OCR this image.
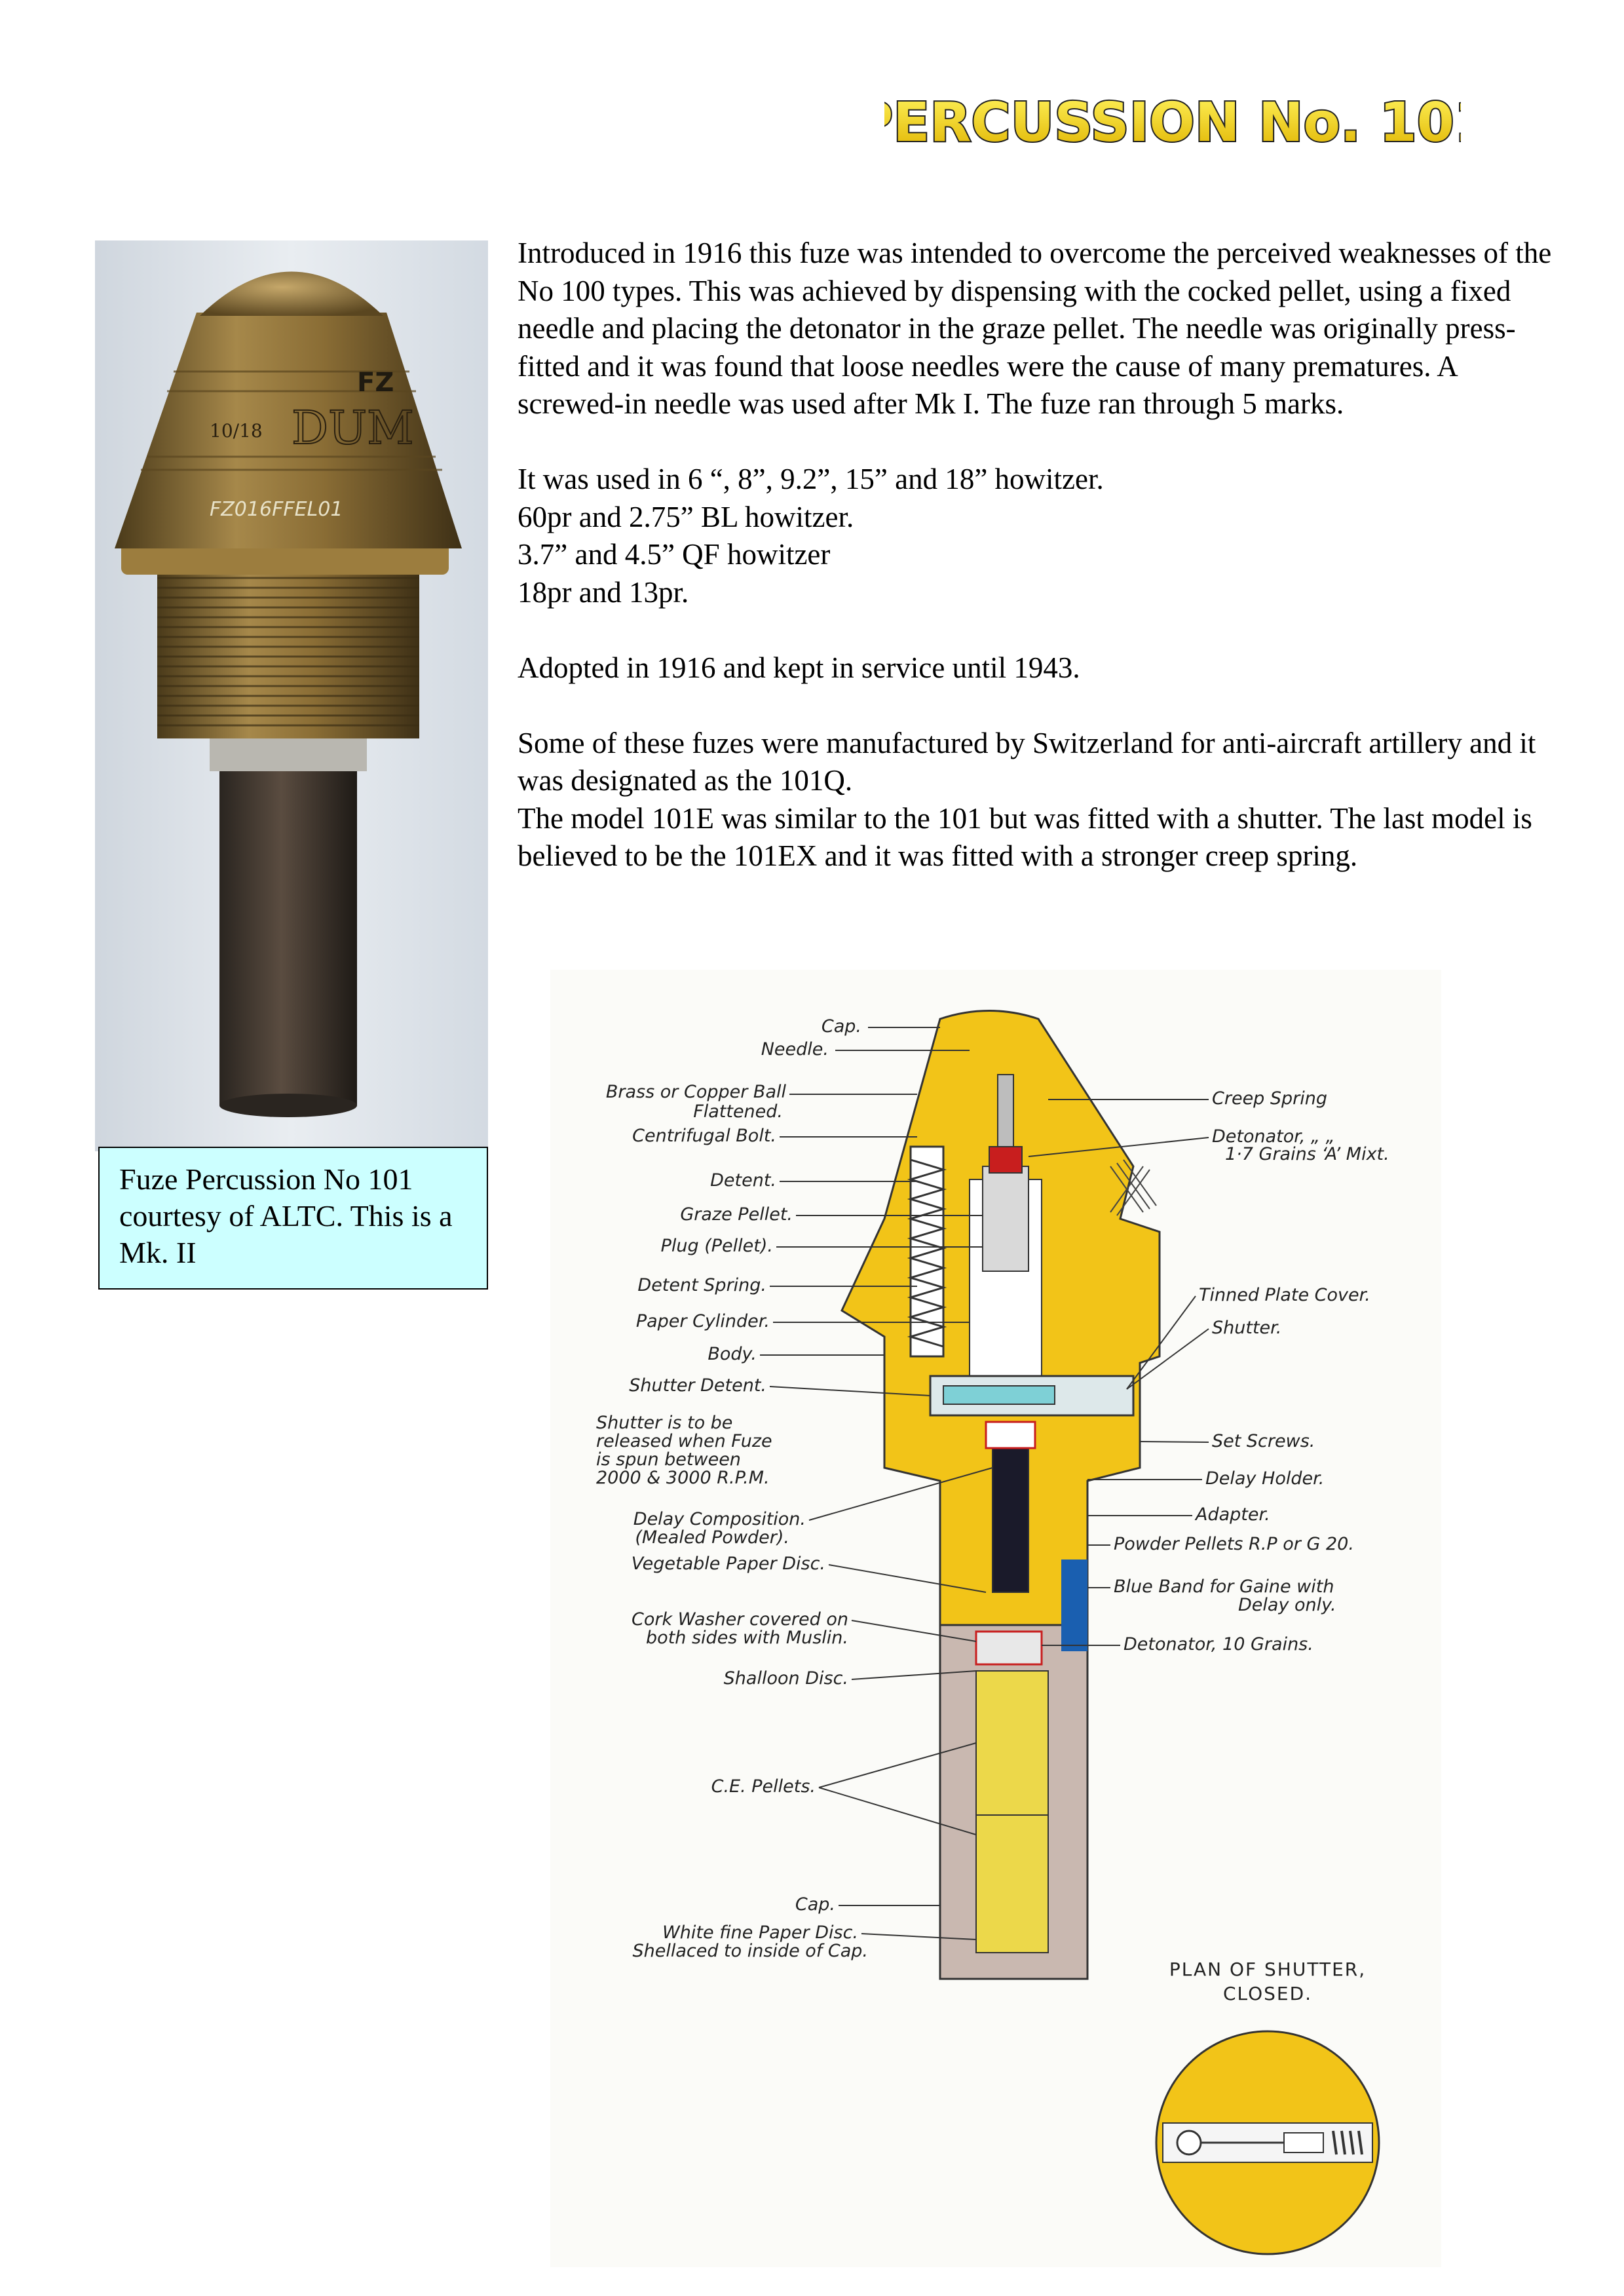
PERCUSSION No. 101
FZ
10/18 DUM
FZ016FFEL01
Fuze Percussion No 101 courtesy of ALTC. This is a Mk. II

Introduced in 1916 this fuze was intended to overcome the perceived weaknesses of the No 100 types. This was achieved by dispensing with the cocked pellet, using a fixed needle and placing the detonator in the graze pellet. The needle was originally press-fitted and it was found that loose needles were the cause of many prematures. A screwed-in needle was used after Mk I. The fuze ran through 5 marks.

It was used in 6 “, 8”, 9.2”, 15” and 18” howitzer.

60pr and 2.75” BL howitzer.

3.7” and 4.5” QF howitzer

18pr and 13pr.

Adopted in 1916 and kept in service until 1943.

Some of these fuzes were manufactured by Switzerland for anti-aircraft artillery and it was designated as the 101Q.

The model 101E was similar to the 101 but was fitted with a shutter. The last model is believed to be the 101EX and it was fitted with a stronger creep spring.

Cap.
Needle.
Brass or Copper Ball
Flattened.
Centrifugal Bolt.
Detent.
Graze Pellet.
Plug (Pellet).
Detent Spring.
Paper Cylinder.
Body.
Shutter Detent.
Shutter is to be
released when Fuze
is spun between
2000 & 3000 R.P.M.
Delay Composition.
(Mealed Powder).
Vegetable Paper Disc.
Cork Washer covered on
both sides with Muslin.
Shalloon Disc.
C.E. Pellets.
Cap.
White fine Paper Disc.
Shellaced to inside of Cap.
Creep Spring
Detonator, „ „
1·7 Grains ‘A’ Mixt.
Tinned Plate Cover.
Shutter.
Set Screws.
Delay Holder.
Adapter.
Powder Pellets R.P or G 20.
Blue Band for Gaine with
Delay only.
Detonator, 10 Grains.
PLAN OF SHUTTER,
CLOSED.
